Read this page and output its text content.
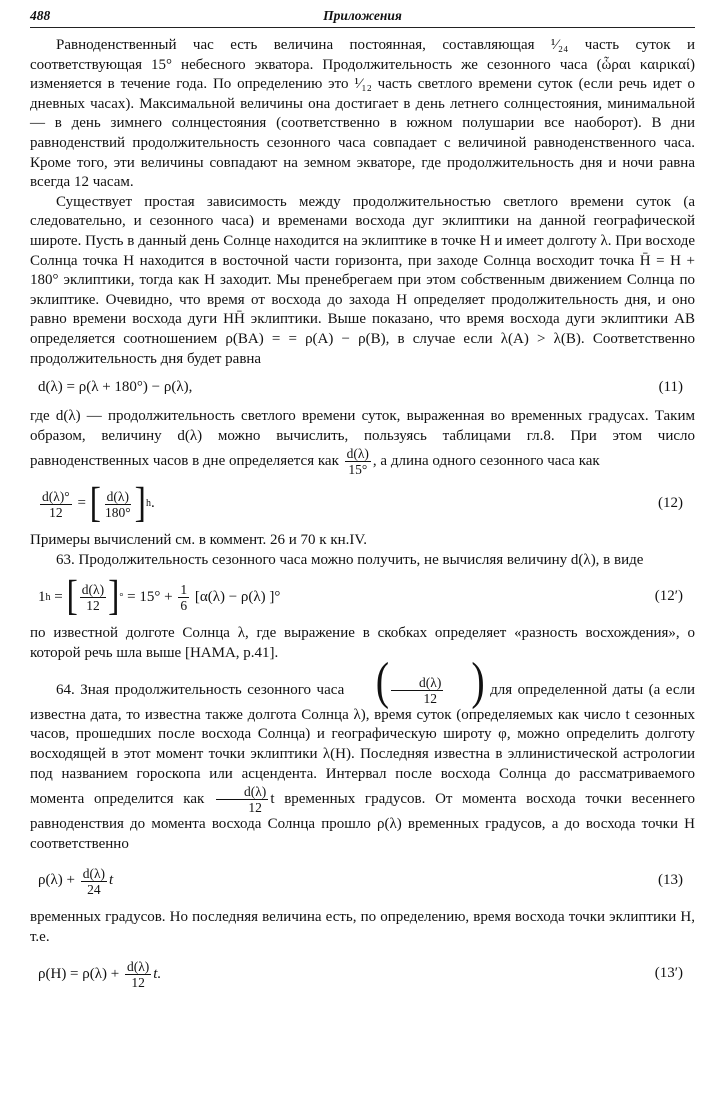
488	Приложения

Равноденственный час есть величина постоянная, составляющая ¹⁄₂₄ часть суток и соответствующая 15° небесного экватора. Продолжительность же сезонного часа (ὧραι καιρικαί) изменяется в течение года. По определению это ¹⁄₁₂ часть светлого времени суток (если речь идет о дневных часах). Максимальной величины она достигает в день летнего солнцестояния, минимальной — в день зимнего солнцестояния (соответственно в южном полушарии все наоборот). В дни равноденствий продолжительность сезонного часа совпадает с величиной равноденственного часа. Кроме того, эти величины совпадают на земном экваторе, где продолжительность дня и ночи равна всегда 12 часам.

Существует простая зависимость между продолжительностью светлого времени суток (а следовательно, и сезонного часа) и временами восхода дуг эклиптики на данной географической широте. Пусть в данный день Солнце находится на эклиптике в точке H и имеет долготу λ. При восходе Солнца точка H находится в восточной части горизонта, при заходе Солнца восходит точка H̄ = H + 180° эклиптики, тогда как H заходит. Мы пренебрегаем при этом собственным движением Солнца по эклиптике. Очевидно, что время от восхода до захода H определяет продолжительность дня, и оно равно времени восхода дуги HH̄ эклиптики. Выше показано, что время восхода дуги эклиптики AB определяется соотношением ρ(BA) = = ρ(A) − ρ(B), в случае если λ(A) > λ(B). Соответственно продолжительность дня будет равна

d(λ) = ρ(λ + 180°) − ρ(λ),	(11)

где d(λ) — продолжительность светлого времени суток, выраженная во временных градусах. Таким образом, величину d(λ) можно вычислить, пользуясь таблицами гл.8. При этом число равноденственных часов в дне определяется как $\frac{d(\lambda)}{15^\circ}$ , а длина одного сезонного часа как

$\frac{d(\lambda)^\circ}{12}$
=
[ $\frac{d(\lambda)}{180^\circ}$ ] h .	(12)

Примеры вычислений см. в коммент. 26 и 70 к кн.IV.

63. Продолжительность сезонного часа можно получить, не вычисляя величину d(λ), в виде

1 h
=
[ $\frac{d(\lambda)}{12}$ ] °
= 15° +
$\frac{1}{6}$
[α(λ) − ρ(λ) ]°	(12′)

по известной долготе Солнца λ, где выражение в скобках определяет «разность восхождения», о которой речь шла выше [HAMA, p.41].

64. Зная продолжительность сезонного часа ( $\frac{d(\lambda)}{12}$ ) для определенной даты (а если известна дата, то известна также долгота Солнца λ), время суток (определяемых как число t сезонных часов, прошедших после восхода Солнца) и географическую широту φ, можно определить долготу восходящей в этот момент точки эклиптики λ(H). Последняя известна в эллинистической астрологии под названием гороскопа или асцендента. Интервал после восхода Солнца до рассматриваемого момента определится как $\frac{d(\lambda)}{12}$ t временных градусов. От момента восхода точки весеннего равноденствия до момента восхода Солнца прошло ρ(λ) временных градусов, а до восхода точки H соответственно

ρ(λ) +
$\frac{d(\lambda)}{24}$ t	(13)

временных градусов. Но последняя величина есть, по определению, время восхода точки эклиптики H, т.е.

ρ(H) = ρ(λ) +
$\frac{d(\lambda)}{12} t$.	(13′)
